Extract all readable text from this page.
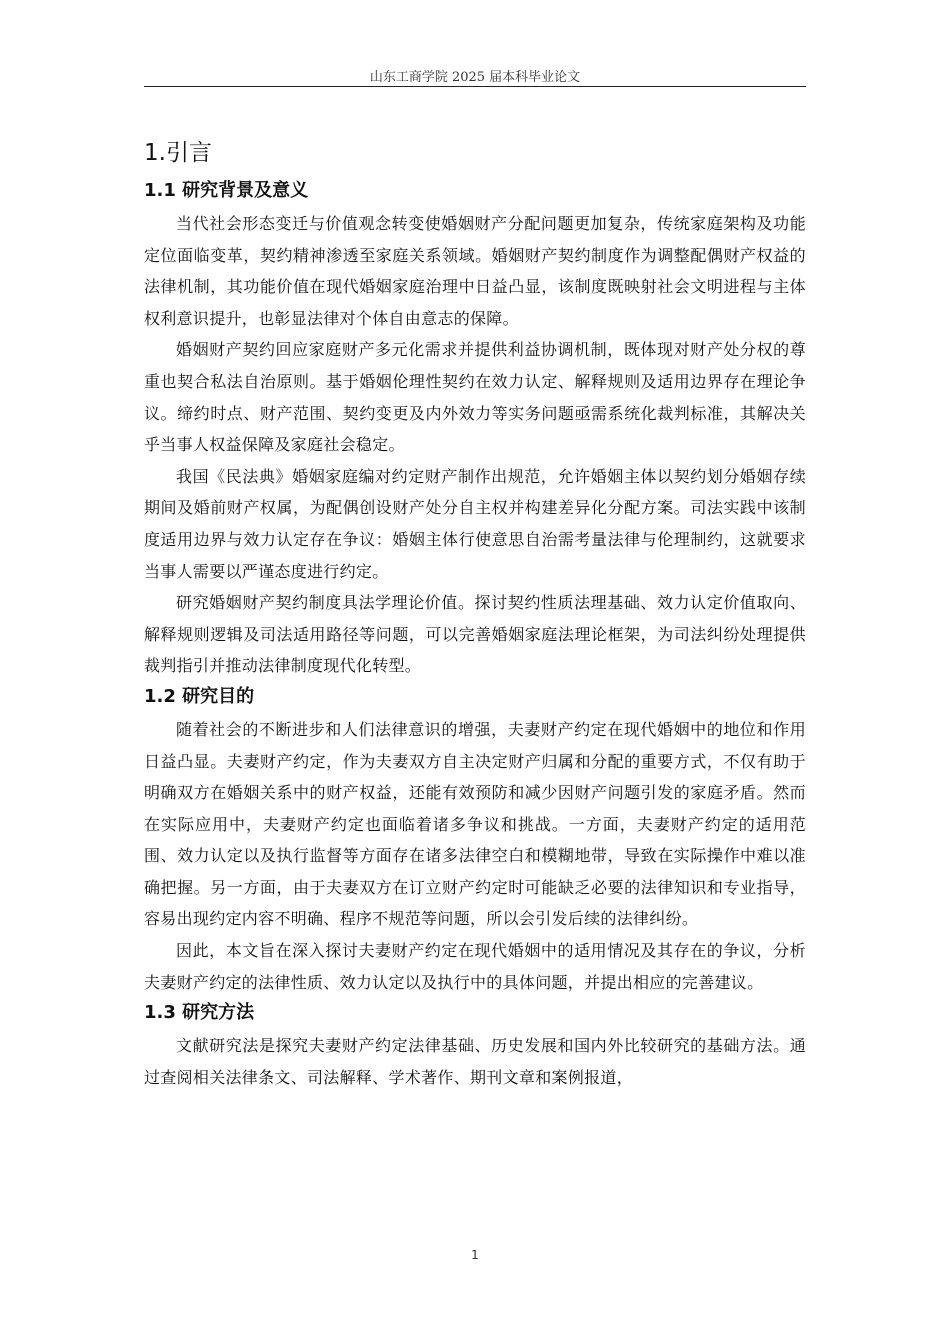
山东工商学院 2025 届本科毕业论文
1.引言
1.1 研究背景及意义

当代社会形态变迁与价值观念转变使婚姻财产分配问题更加复杂，传统家庭架构及功能定位面临变革，契约精神渗透至家庭关系领域。婚姻财产契约制度作为调整配偶财产权益的法律机制，其功能价值在现代婚姻家庭治理中日益凸显，该制度既映射社会文明进程与主体权利意识提升，也彰显法律对个体自由意志的保障。

婚姻财产契约回应家庭财产多元化需求并提供利益协调机制，既体现对财产处分权的尊重也契合私法自治原则。基于婚姻伦理性契约在效力认定、解释规则及适用边界存在理论争议。缔约时点、财产范围、契约变更及内外效力等实务问题亟需系统化裁判标准，其解决关乎当事人权益保障及家庭社会稳定。

我国《民法典》婚姻家庭编对约定财产制作出规范，允许婚姻主体以契约划分婚姻存续期间及婚前财产权属，为配偶创设财产处分自主权并构建差异化分配方案。司法实践中该制度适用边界与效力认定存在争议：婚姻主体行使意思自治需考量法律与伦理制约，这就要求当事人需要以严谨态度进行约定。

研究婚姻财产契约制度具法学理论价值。探讨契约性质法理基础、效力认定价值取向、解释规则逻辑及司法适用路径等问题，可以完善婚姻家庭法理论框架，为司法纠纷处理提供裁判指引并推动法律制度现代化转型。

1.2 研究目的

随着社会的不断进步和人们法律意识的增强，夫妻财产约定在现代婚姻中的地位和作用日益凸显。夫妻财产约定，作为夫妻双方自主决定财产归属和分配的重要方式，不仅有助于明确双方在婚姻关系中的财产权益，还能有效预防和减少因财产问题引发的家庭矛盾。然而在实际应用中，夫妻财产约定也面临着诸多争议和挑战。一方面，夫妻财产约定的适用范围、效力认定以及执行监督等方面存在诸多法律空白和模糊地带，导致在实际操作中难以准确把握。另一方面，由于夫妻双方在订立财产约定时可能缺乏必要的法律知识和专业指导，容易出现约定内容不明确、程序不规范等问题，所以会引发后续的法律纠纷。

因此，本文旨在深入探讨夫妻财产约定在现代婚姻中的适用情况及其存在的争议，分析夫妻财产约定的法律性质、效力认定以及执行中的具体问题，并提出相应的完善建议。

1.3 研究方法

文献研究法是探究夫妻财产约定法律基础、历史发展和国内外比较研究的基础方法。通过查阅相关法律条文、司法解释、学术著作、期刊文章和案例报道，

1
